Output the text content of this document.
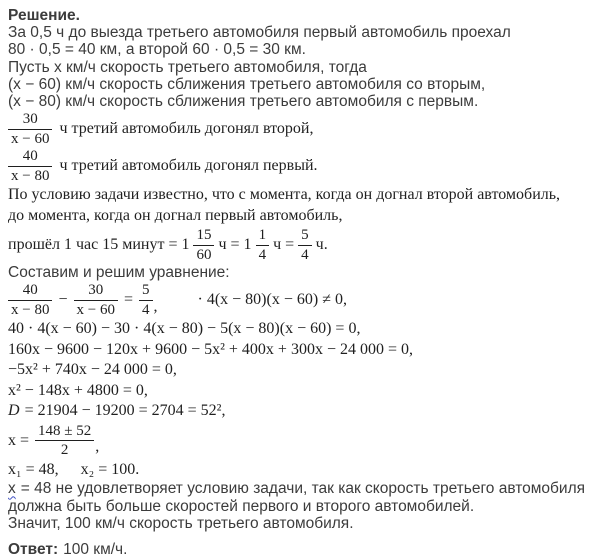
Решение.
За 0,5 ч до выезда третьего автомобиля первый автомобиль проехал
80 · 0,5 = 40 км, а второй 60 · 0,5 = 30 км.
Пусть x км/ч скорость третьего автомобиля, тогда
(x − 60) км/ч скорость сближения третьего автомобиля со вторым,
(x − 80) км/ч скорость сближения третьего автомобиля с первым.
$\frac{30}{x - 60}$ ч третий автомобиль догонял второй,
$\frac{40}{x - 80}$ ч третий автомобиль догонял первый.
По условию задачи известно, что с момента, когда он догнал второй автомобиль,
до момента, когда он догнал первый автомобиль,
прошёл 1 час 15 минут = $1 \frac{15}{60}$ $ч = 1 \frac{1}{4}$ $ч = \frac{5}{4} ч$.
Составим и решим уравнение:
$\frac{40}{x - 80} - \frac{30}{x - 60} = \frac{5}{4}$ ,	· 4(x − 80)(x − 60) ≠ 0,
40 · 4(x − 60) − 30 · 4(x − 80) − 5(x − 80)(x − 60) = 0,
160x − 9600 − 120x + 9600 − 5x² + 400x + 300x − 24 000 = 0,
−5x² + 740x − 24 000 = 0,
x² − 148x + 4800 = 0,
D = 21904 − 19200 = 2704 = 52²,
$x = \frac{148 \pm 52}{2}$ ,
x₁ = 48, x₂ = 100.
x = 48 не удовлетворяет условию задачи, так как скорость третьего автомобиля
должна быть больше скоростей первого и второго автомобилей.
Значит, 100 км/ч скорость третьего автомобиля.
Ответ: 100 км/ч.
